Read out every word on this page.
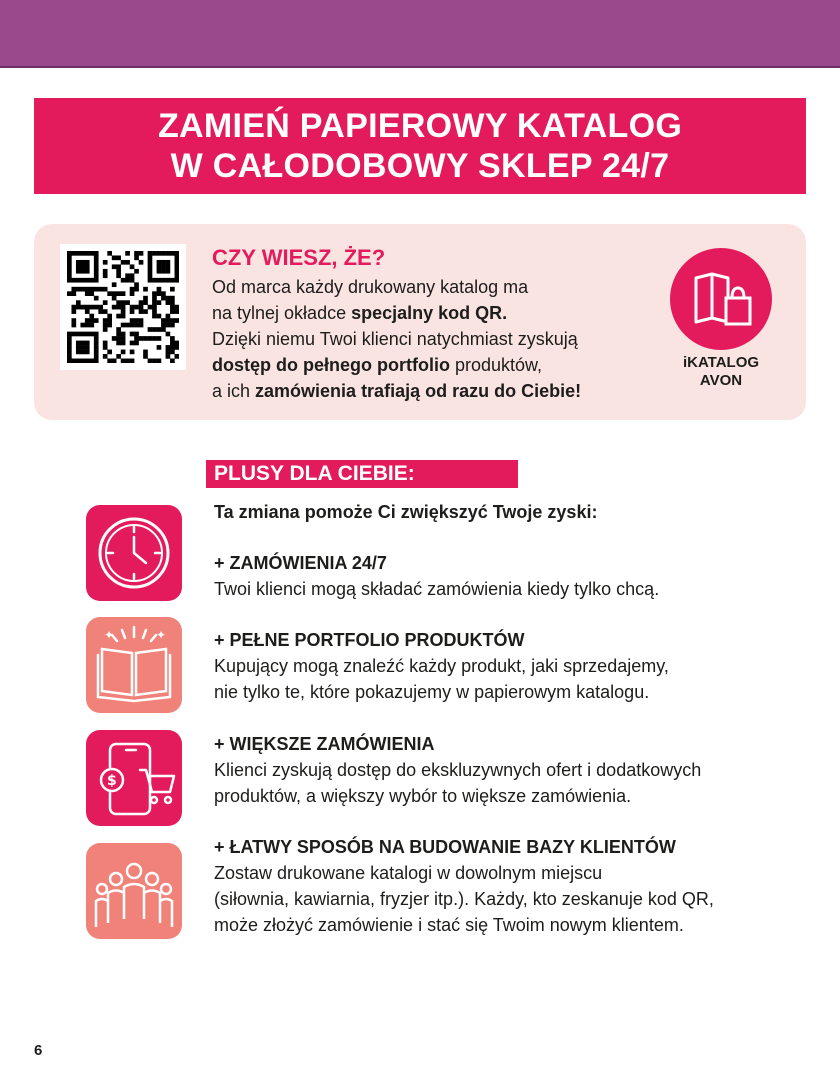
ZAMIEŃ PAPIEROWY KATALOG
W CAŁODOBOWY SKLEP 24/7
CZY WIESZ, ŻE?
Od marca każdy drukowany katalog ma
na tylnej okładce specjalny kod QR.
Dzięki niemu Twoi klienci natychmiast zyskują
dostęp do pełnego portfolio produktów,
a ich zamówienia trafiają od razu do Ciebie!
iKATALOG
AVON
PLUSY DLA CIEBIE:
Ta zmiana pomoże Ci zwiększyć Twoje zyski:
+ ZAMÓWIENIA 24/7
Twoi klienci mogą składać zamówienia kiedy tylko chcą.
✦	✦	+ PEŁNE PORTFOLIO PRODUKTÓW
Kupujący mogą znaleźć każdy produkt, jaki sprzedajemy,
nie tylko te, które pokazujemy w papierowym katalogu.
$
+ WIĘKSZE ZAMÓWIENIA
Klienci zyskują dostęp do ekskluzywnych ofert i dodatkowych
produktów, a większy wybór to większe zamówienia.
+ ŁATWY SPOSÓB NA BUDOWANIE BAZY KLIENTÓW
Zostaw drukowane katalogi w dowolnym miejscu
(siłownia, kawiarnia, fryzjer itp.). Każdy, kto zeskanuje kod QR,
może złożyć zamówienie i stać się Twoim nowym klientem.
6
